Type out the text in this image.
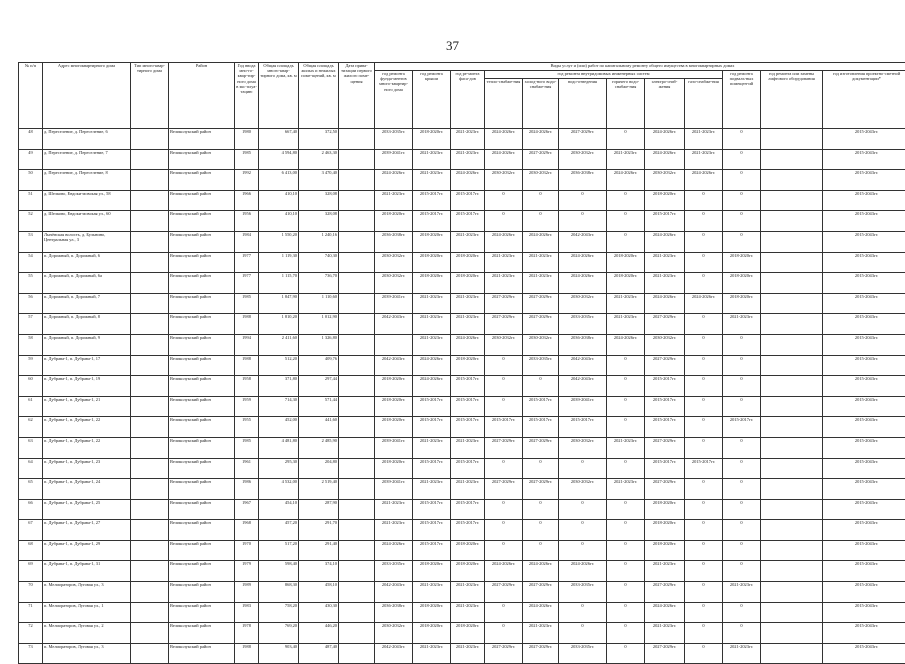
37
№ п/п	Адрес многоквартирного дома	Тип много-квар-тирного дома	Район	Год ввода мно-го-квар-тир-ного дома в экс-плуа-тацию	Общая площадь много-квар-тирного дома, кв. м	Общая площадь жилых и нежилых поме-щений, кв. м	Дата прива-тизации первого жилого поме-щения	Виды услуг и (или) работ по капитальному ремонту общего имущества в многоквартирных домах											
								год ремонта фунда-ментов много-квартир-ного дома	год ремонта крыши	год ре-монта фаса-дов	год ремонта внутридомовых инженерных систем						год ремонта подваль-ных помещен-ий	год ремонта или замены лифтового оборудования	год изготовления проектно-сметной документации*
											тепло-снабже-ния	холод-ного водо-снабже-ния	водо-отведения	горячего водо-снабже-ния	электро-снаб-жения	газо-снабже-ния			
48	д. Переселение, д. Переселение, 6		Великолукский район	1980	667,40	372,50		2033-2035гг.	2018-2020гг.	2021-2023гг.	2024-2026гг.	2024-2026гг.	2027-2029гг.	0	2024-2026гг.	2021-2023гг.	0		2015-2043гг.
49	д. Переселение, д. Переселение, 7		Великолукский район	1985	4 594,80	2 463,30		2039-2041гг.	2021-2023гг.	2021-2023гг.	2024-2026гг.	2027-2029гг.	2030-2032гг.	2021-2023гг.	2024-2026гг.	2021-2023гг.	0		2015-2043гг.
50	д. Переселение, д. Переселение, 8		Великолукский район	1992	6 413,00	3 470,40		2024-2026гг.	2021-2023гг.	2024-2026гг.	2030-2032гг.	2030-2032гг.	2036-2038гг.	2024-2026гг.	2030-2032гг.	2024-2026гг.	0		2015-2043гг.
51	д. Шелково, Евдоки-мовская ул., 58		Великолукский район	1966	410,10	328,08		2021-2023гг.	2015-2017гг.	2015-2017гг.	0	0	0	0	2018-2020гг.	0	0		2015-2043гг.
52	д. Шелково, Евдоки-мовская ул., 60		Великолукский район	1956	410,10	328,08		2018-2020гг.	2015-2017гг.	2015-2017гг.	0	0	0	0	2015-2017гг.	0	0		2015-2043гг.
53	Лычёвская волость, д. Бульнино, Центральная ул., 3		Великолукский район	1984	1 550,20	1 240,16		2036-2038гг.	2018-2020гг.	2021-2023гг.	2024-2026гг.	2024-2026гг.	2042-2043гг.	0	2024-2026гг.	0	0		2015-2043гг.
54	п. Дорожный, п. Дорожный, 6		Великолукский район	1977	1 119,30	740,30		2030-2032гг.	2018-2020гг.	2018-2020гг.	2021-2023гг.	2021-2023гг.	2024-2026гг.	2018-2020гг.	2021-2023гг.	0	2018-2020гг.		2015-2043гг.
55	п. Дорожный, п. Дорожный, 6а		Великолукский район	1977	1 115,70	736,70		2030-2032гг.	2018-2020гг.	2018-2020гг.	2021-2023гг.	2021-2023гг.	2024-2026гг.	2018-2020гг.	2021-2023гг.	0	2018-2020гг.		2015-2043гг.
56	п. Дорожный, п. Дорожный, 7		Великолукский район	1985	1 847,90	1 110,60		2039-2041гг.	2021-2023гг.	2021-2023гг.	2027-2029гг.	2027-2029гг.	2030-2032гг.	2021-2023гг.	2024-2026гг.	2024-2026гг.	2018-2020гг.		2015-2043гг.
57	п. Дорожный, п. Дорожный, 8		Великолукский район	1988	1 810,20	1 012,90		2042-2043гг.	2021-2023гг.	2021-2023гг.	2027-2029гг.	2027-2029гг.	2033-2035гг.	2021-2023гг.	2027-2029гг.	0	2021-2023гг.		2015-2043гг.
58	п. Дорожный, п. Дорожный, 9		Великолукский район	1994	2 411,60	1 326,80			2021-2023гг.	2024-2026гг.	2030-2032гг.	2030-2032гг.	2036-2038гг.	2024-2026гг.	2030-2032гг.	0	0		2015-2043гг.
59	п. Дубрава-1, п. Дубрава-1, 17		Великолукский район	1988	512,20	409,76		2042-2043гг.	2024-2026гг.	2018-2020гг.	0	2033-2035гг.	2042-2043гг.	0	2027-2029гг.	0	0		2015-2043гг.
60	п. Дубрава-1, п. Дубрава-1, 19		Великолукский район	1958	371,80	297,44		2018-2020гг.	2024-2026гг.	2015-2017гг.	0	0	2042-2043гг.	0	2015-2017гг.	0	0		2015-2043гг.
61	п. Дубрава-1, п. Дубрава-1, 21		Великолукский район	1959	714,30	571,44		2018-2020гг.	2015-2017гг.	2015-2017гг.	0	2015-2017гг.	2039-2041гг.	0	2015-2017гг.	0	0		2015-2043гг.
62	п. Дубрава-1, п. Дубрава-1, 22		Великолукский район	1955	452,00	441,60		2018-2020гг.	2015-2017гг.	2015-2017гг.	2015-2017гг.	2015-2017гг.	2015-2017гг.	0	2015-2017гг.	0	2015-2017гг.		2015-2043гг.
63	п. Дубрава-1, п. Дубрава-1, 22		Великолукский район	1985	4 481,80	2 485,90		2039-2041гг.	2021-2023гг.	2021-2023гг.	2027-2029гг.	2027-2029гг.	2030-2032гг.	2021-2023гг.	2027-2029гг.	0	0		2015-2043гг.
64	п. Дубрава-1, п. Дубрава-1, 23		Великолукский район	1961	295,30	204,80		2018-2020гг.	2015-2017гг.	2015-2017гг.	0	0	0	0	2015-2017гг.	2015-2017гг.	0		2015-2043гг.
65	п. Дубрава-1, п. Дубрава-1, 24		Великолукский район	1986	4 532,00	2 519,40		2039-2041гг.	2021-2023гг.	2021-2023гг.	2027-2029гг.	2027-2029гг.	2030-2032гг.	2021-2023гг.	2027-2029гг.	0	0		2015-2043гг.
66	п. Дубрава-1, п. Дубрава-1, 25		Великолукский район	1967	454,10	287,90		2021-2023гг.	2015-2017гг.	2015-2017гг.	0	0	0	0	2018-2020гг.	0	0		2015-2043гг.
67	п. Дубрава-1, п. Дубрава-1, 27		Великолукский район	1968	457,20	291,70		2021-2023гг.	2015-2017гг.	2015-2017гг.	0	0	0	0	2018-2020гг.	0	0		2015-2043гг.
68	п. Дубрава-1, п. Дубрава-1, 29		Великолукский район	1970	517,20	291,40		2024-2026гг.	2015-2017гг.	2018-2020гг.	0	0	0	0	2018-2020гг.	0	0		2015-2043гг.
69	п. Дубрава-1, п. Дубрава-1, 31		Великолукский район	1979	598,40	374,10		2033-2035гг.	2018-2020гг.	2018-2020гг.	2024-2026гг.	2024-2026гг.	2024-2026гг.	0	2021-2023гг.	0	0		2015-2043гг.
70	п. Мелиораторов, Луговая ул., 3		Великолукский район	1989	868,30	458,10		2042-2043гг.	2021-2023гг.	2021-2023гг.	2027-2029гг.	2027-2029гг.	2033-2035гг.	0	2027-2029гг.	0	2021-2023гг.		2015-2043гг.
71	п. Мелиораторов, Луговая ул., 1		Великолукский район	1983	758,20	430,30		2036-2038гг.	2018-2020гг.	2021-2023гг.	0	2024-2026гг.	0	0	2024-2026гг.	0	0		2015-2043гг.
72	п. Мелиораторов, Луговая ул., 2		Великолукский район	1978	769,20	446,20		2030-2032гг.	2018-2020гг.	2018-2020гг.	0	2021-2023гг.	0	0	2021-2023гг.	0	0		2015-2043гг.
73	п. Мелиораторов, Луговая ул., 3		Великолукский район	1988	903,40	487,40		2042-2043гг.	2021-2023гг.	2021-2023гг.	2027-2029гг.	2027-2029гг.	2033-2035гг.	0	2027-2029гг.	0	2021-2023гг.		2015-2043гг.
